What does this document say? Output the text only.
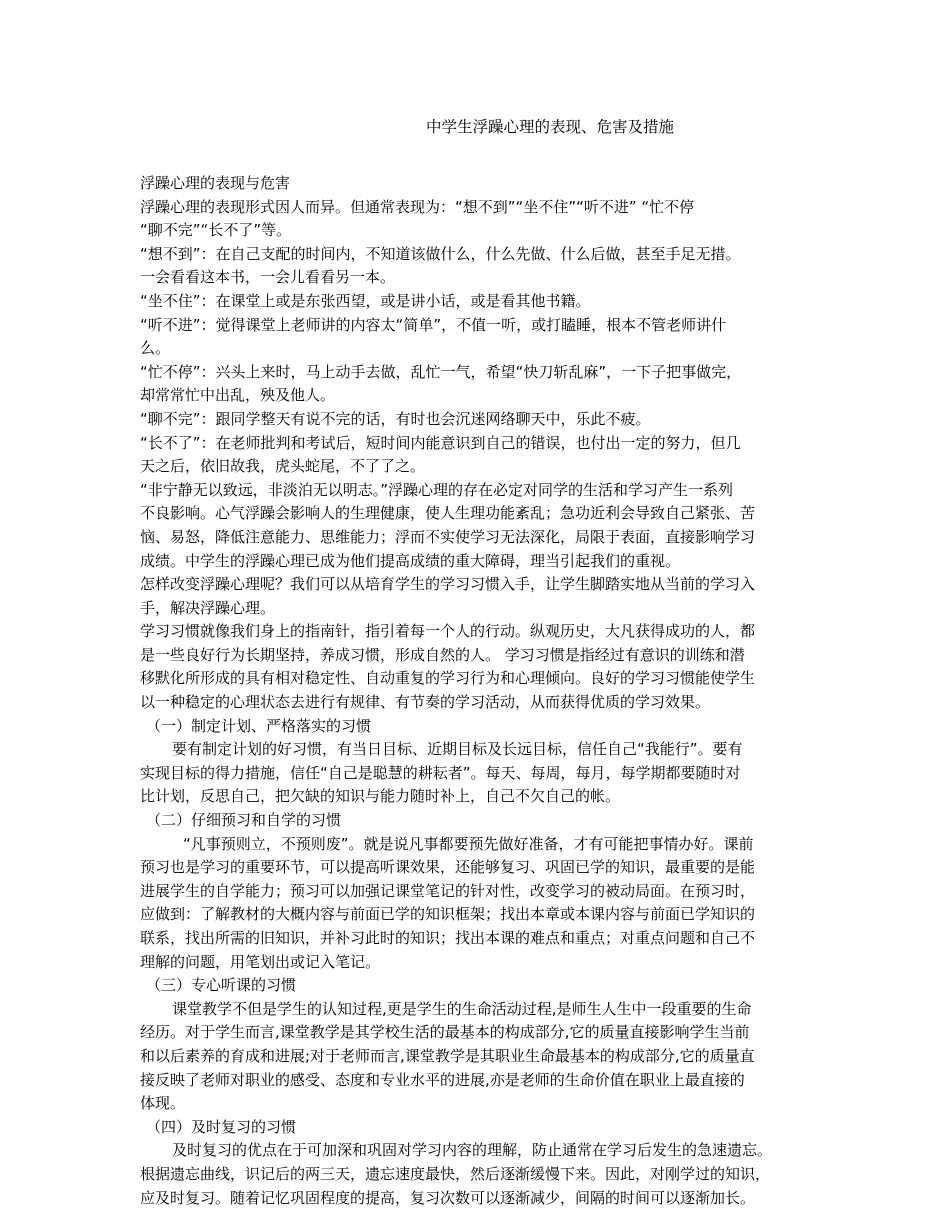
中学生浮躁心理的表现、危害及措施
浮躁心理的表现与危害
浮躁心理的表现形式因人而异。但通常表现为：“想不到”“坐不住”“听不进” “忙不停
“聊不完”“长不了”等。
“想不到”：在自己支配的时间内，不知道该做什么，什么先做、什么后做，甚至手足无措。
一会看看这本书，一会儿看看另一本。
“坐不住”：在课堂上或是东张西望，或是讲小话，或是看其他书籍。
“听不进”：觉得课堂上老师讲的内容太“简单”，不值一听，或打瞌睡，根本不管老师讲什
么。
“忙不停”：兴头上来时，马上动手去做，乱忙一气，希望“快刀斩乱麻”，一下子把事做完，
却常常忙中出乱，殃及他人。
“聊不完”：跟同学整天有说不完的话，有时也会沉迷网络聊天中，乐此不疲。
“长不了”：在老师批判和考试后，短时间内能意识到自己的错误，也付出一定的努力，但几
天之后，依旧故我，虎头蛇尾，不了了之。
“非宁静无以致远，非淡泊无以明志。”浮躁心理的存在必定对同学的生活和学习产生一系列
不良影响。心气浮躁会影响人的生理健康，使人生理功能紊乱；急功近利会导致自己紧张、苦
恼、易怒，降低注意能力、思维能力；浮而不实使学习无法深化，局限于表面，直接影响学习
成绩。中学生的浮躁心理已成为他们提高成绩的重大障碍，理当引起我们的重视。
怎样改变浮躁心理呢？我们可以从培育学生的学习习惯入手，让学生脚踏实地从当前的学习入
手，解决浮躁心理。
学习习惯就像我们身上的指南针，指引着每一个人的行动。纵观历史，大凡获得成功的人，都
是一些良好行为长期坚持，养成习惯，形成自然的人。 学习习惯是指经过有意识的训练和潜
移默化所形成的具有相对稳定性、自动重复的学习行为和心理倾向。良好的学习习惯能使学生
以一种稳定的心理状态去进行有规律、有节奏的学习活动，从而获得优质的学习效果。
（一）制定计划、严格落实的习惯
要有制定计划的好习惯，有当日目标、近期目标及长远目标，信任自己“我能行”。要有
实现目标的得力措施，信任“自己是聪慧的耕耘者”。每天、每周，每月，每学期都要随时对
比计划，反思自己，把欠缺的知识与能力随时补上，自己不欠自己的帐。
（二）仔细预习和自学的习惯
“凡事预则立，不预则废”。就是说凡事都要预先做好准备，才有可能把事情办好。课前
预习也是学习的重要环节，可以提高听课效果，还能够复习、巩固已学的知识，最重要的是能
进展学生的自学能力；预习可以加强记课堂笔记的针对性，改变学习的被动局面。在预习时，
应做到：了解教材的大概内容与前面已学的知识框架；找出本章或本课内容与前面已学知识的
联系，找出所需的旧知识，并补习此时的知识；找出本课的难点和重点；对重点问题和自己不
理解的问题，用笔划出或记入笔记。
（三）专心听课的习惯
课堂教学不但是学生的认知过程,更是学生的生命活动过程,是师生人生中一段重要的生命
经历。对于学生而言,课堂教学是其学校生活的最基本的构成部分,它的质量直接影响学生当前
和以后素养的育成和进展;对于老师而言,课堂教学是其职业生命最基本的构成部分,它的质量直
接反映了老师对职业的感受、态度和专业水平的进展,亦是老师的生命价值在职业上最直接的
体现。
（四）及时复习的习惯
及时复习的优点在于可加深和巩固对学习内容的理解，防止通常在学习后发生的急速遗忘。
根据遗忘曲线，识记后的两三天，遗忘速度最快，然后逐渐缓慢下来。因此，对刚学过的知识，
应及时复习。随着记忆巩固程度的提高，复习次数可以逐渐减少，间隔的时间可以逐渐加长。
